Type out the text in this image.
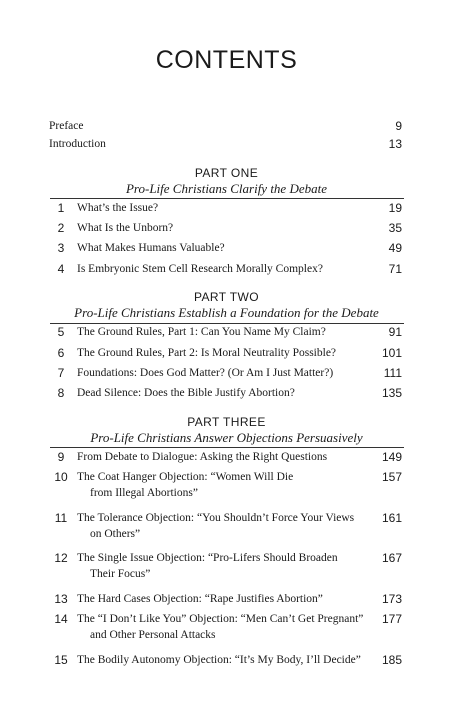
CONTENTS
Preface	9
Introduction	13
PART ONE
Pro-Life Christians Clarify the Debate
1	What’s the Issue?	19
2	What Is the Unborn?	35
3	What Makes Humans Valuable?	49
4	Is Embryonic Stem Cell Research Morally Complex?	71
PART TWO
Pro-Life Christians Establish a Foundation for the Debate
5	The Ground Rules, Part 1: Can You Name My Claim?	91
6	The Ground Rules, Part 2: Is Moral Neutrality Possible?	101
7	Foundations: Does God Matter? (Or Am I Just Matter?)	111
8	Dead Silence: Does the Bible Justify Abortion?	135
PART THREE
Pro-Life Christians Answer Objections Persuasively
9	From Debate to Dialogue: Asking the Right Questions	149
10 The Coat Hanger Objection: “Women Will Die	157
from Illegal Abortions”
11 The Tolerance Objection: “You Shouldn’t Force Your Views 161
on Others”
12 The Single Issue Objection: “Pro-Lifers Should Broaden	167
Their Focus”
13 The Hard Cases Objection: “Rape Justifies Abortion”	173
14 The “I Don’t Like You” Objection: “Men Can’t Get Pregnant” 177
and Other Personal Attacks
15 The Bodily Autonomy Objection: “It’s My Body, I’ll Decide” 185
